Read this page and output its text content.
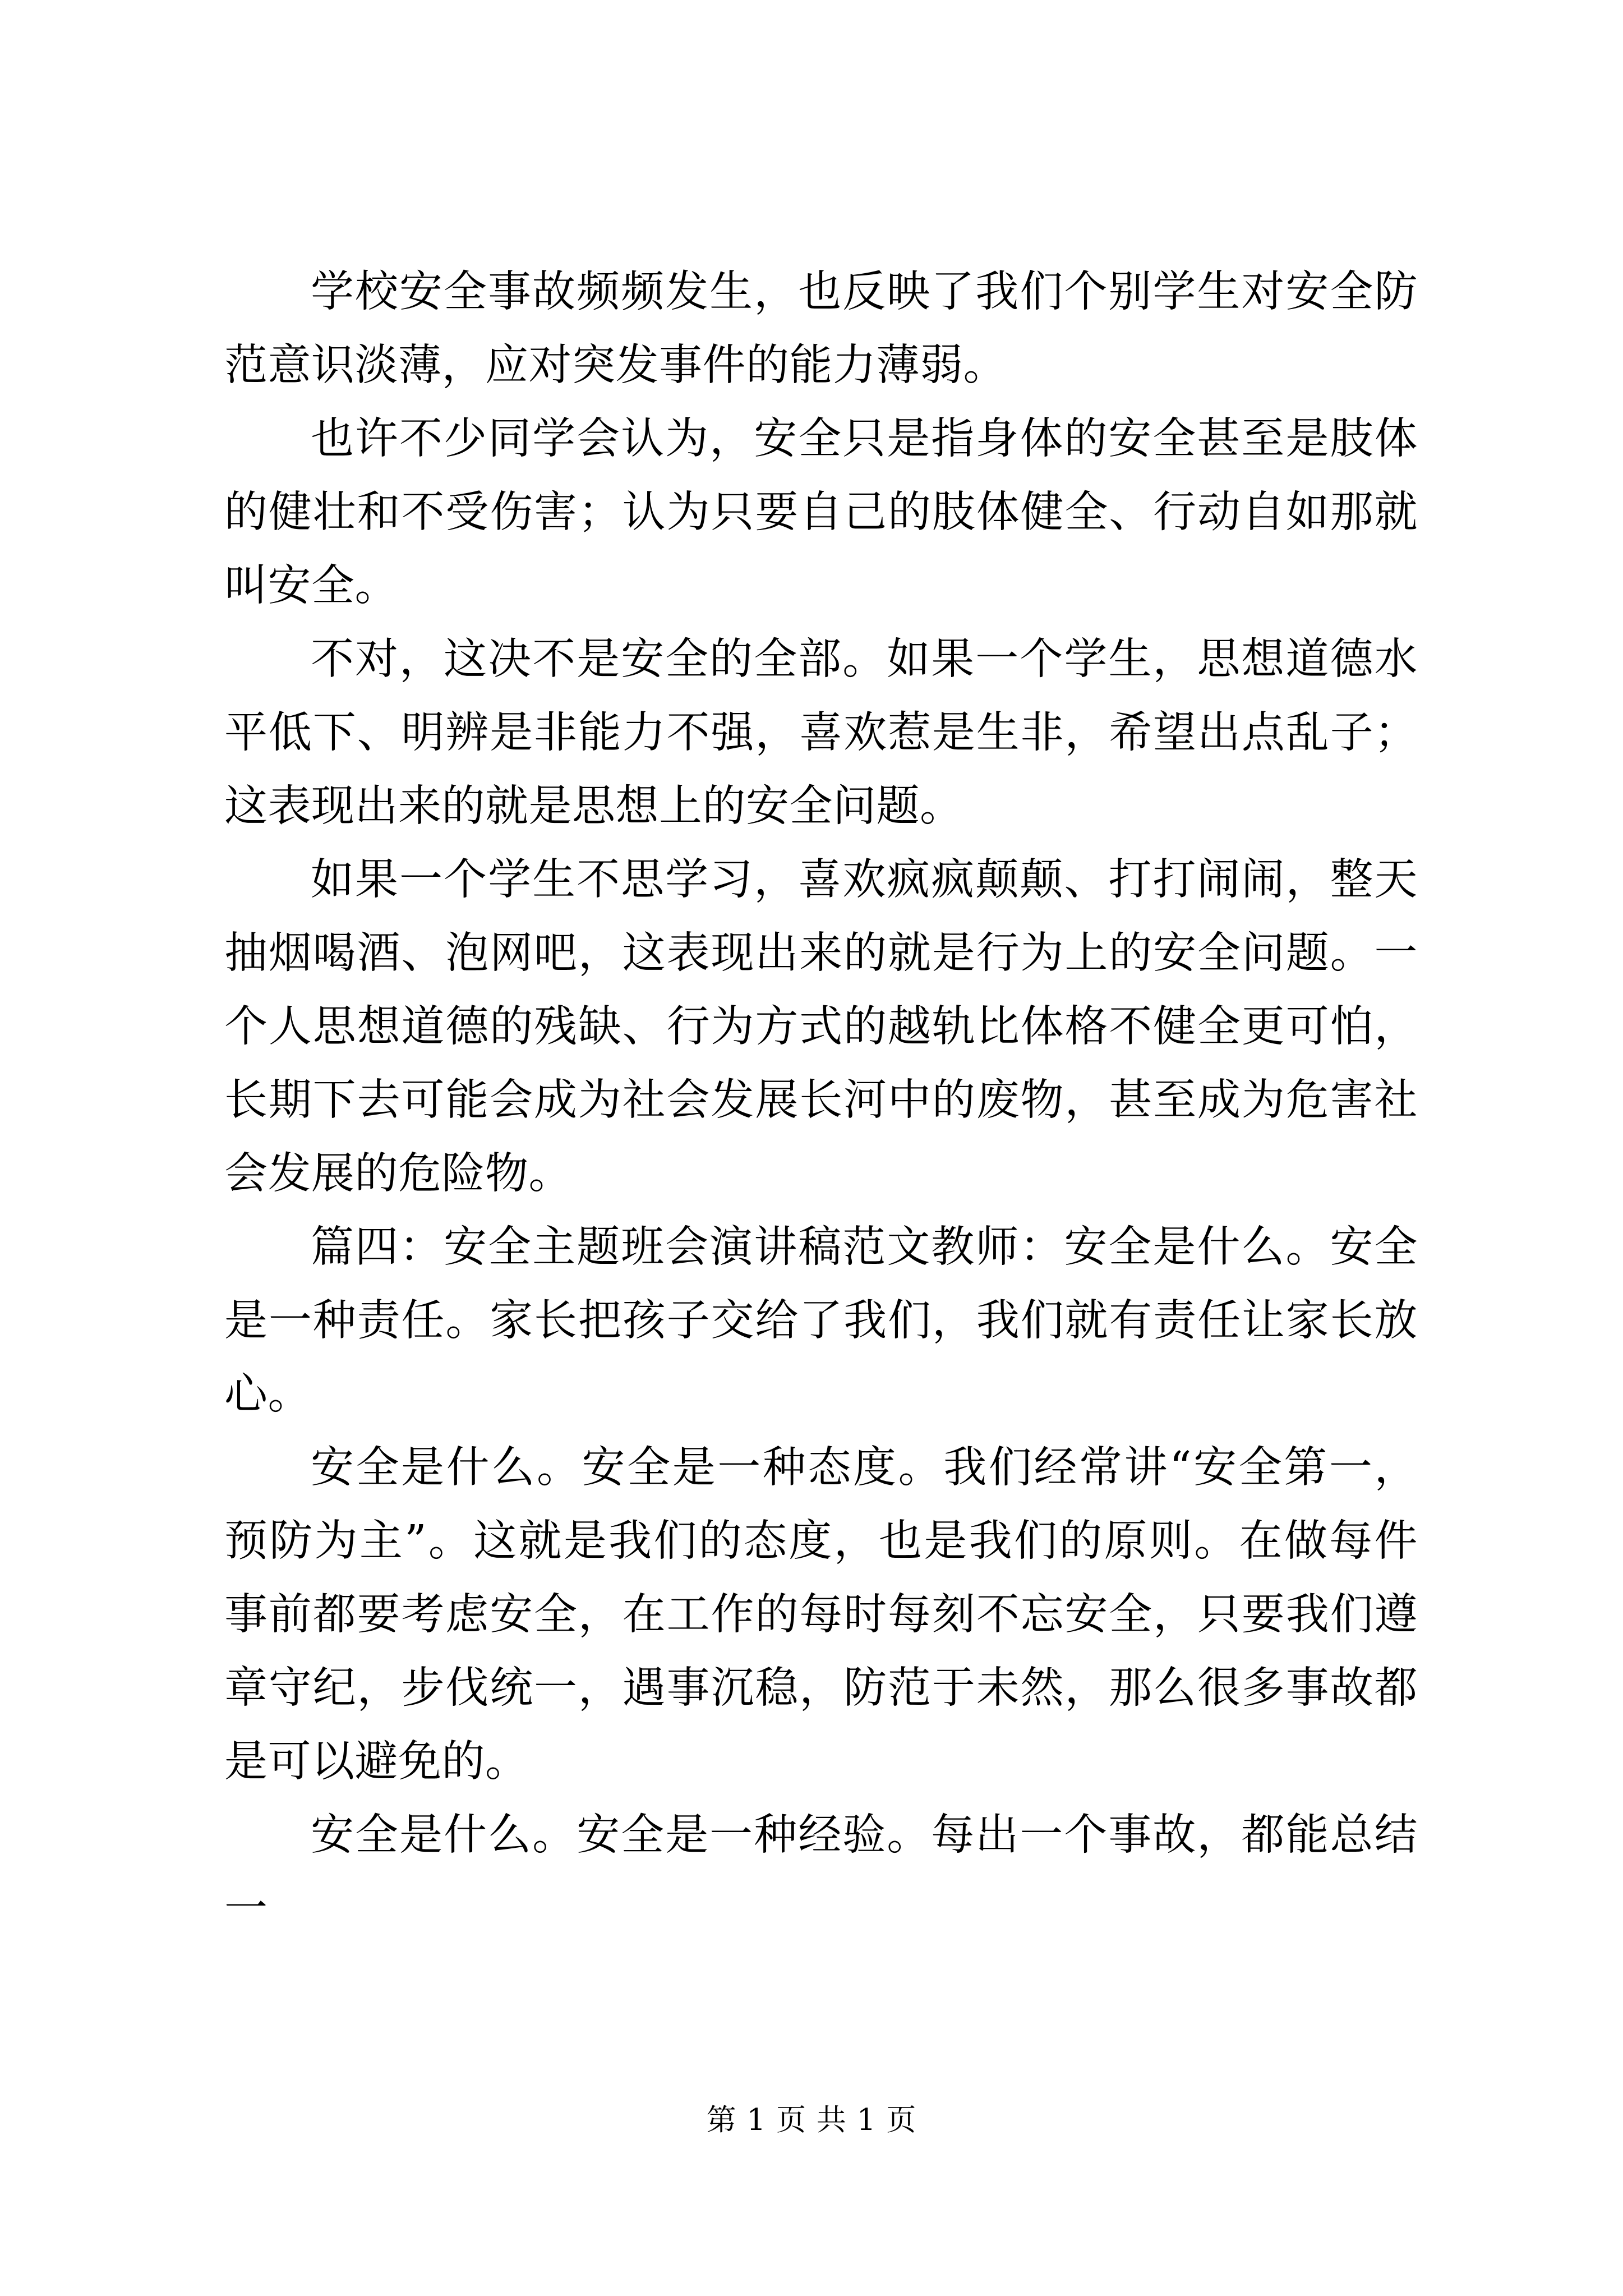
学校安全事故频频发生，也反映了我们个别学生对安全防范意识淡薄，应对突发事件的能力薄弱。

也许不少同学会认为，安全只是指身体的安全甚至是肢体的健壮和不受伤害；认为只要自己的肢体健全、行动自如那就叫安全。

不对，这决不是安全的全部。如果一个学生，思想道德水平低下、明辨是非能力不强，喜欢惹是生非，希望出点乱子；这表现出来的就是思想上的安全问题。

如果一个学生不思学习，喜欢疯疯颠颠、打打闹闹，整天抽烟喝酒、泡网吧，这表现出来的就是行为上的安全问题。一个人思想道德的残缺、行为方式的越轨比体格不健全更可怕，长期下去可能会成为社会发展长河中的废物，甚至成为危害社会发展的危险物。

篇四：安全主题班会演讲稿范文教师：安全是什么。安全是一种责任。家长把孩子交给了我们，我们就有责任让家长放心。

安全是什么。安全是一种态度。我们经常讲“安全第一，预防为主”。这就是我们的态度，也是我们的原则。在做每件事前都要考虑安全，在工作的每时每刻不忘安全，只要我们遵章守纪，步伐统一，遇事沉稳，防范于未然，那么很多事故都是可以避免的。

安全是什么。安全是一种经验。每出一个事故，都能总结一

第 1 页 共 1 页
